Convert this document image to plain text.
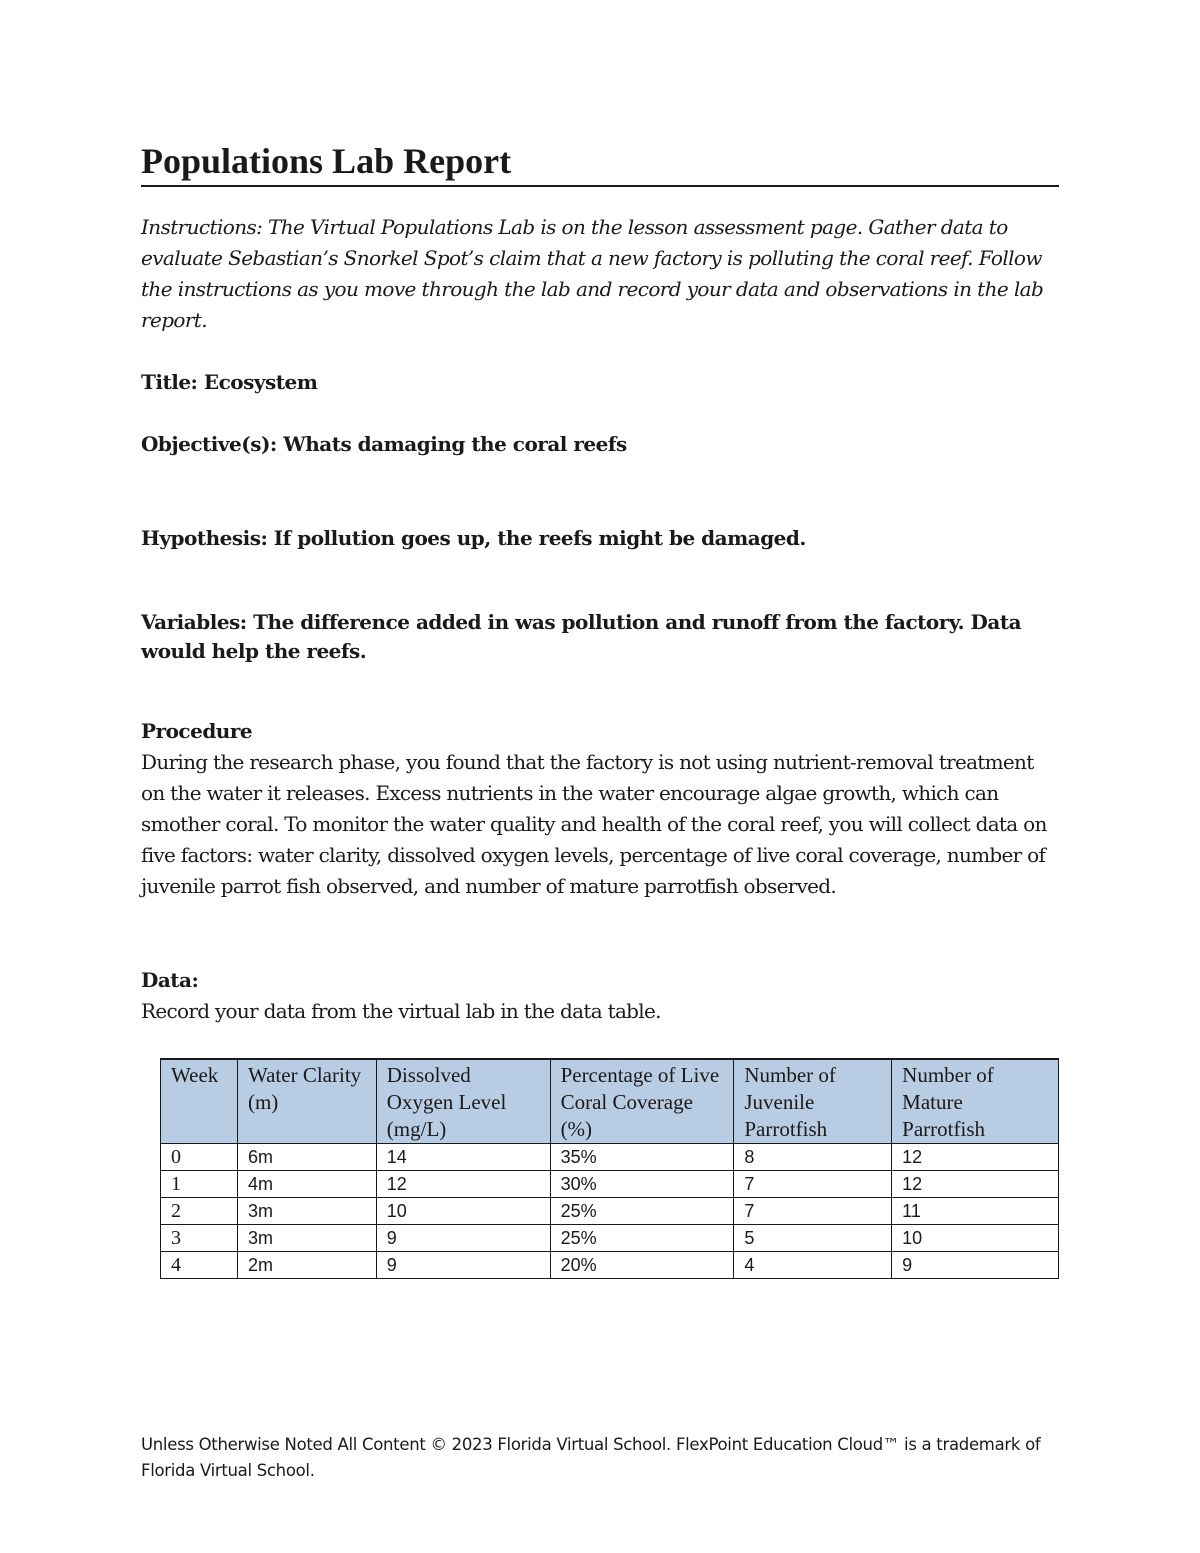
Populations Lab Report
Instructions: The Virtual Populations Lab is on the lesson assessment page. Gather data to evaluate Sebastian’s Snorkel Spot’s claim that a new factory is polluting the coral reef. Follow the instructions as you move through the lab and record your data and observations in the lab report.
Title: Ecosystem
Objective(s): Whats damaging the coral reefs
Hypothesis: If pollution goes up, the reefs might be damaged.
Variables: The difference added in was pollution and runoff from the factory. Data would help the reefs.
Procedure
During the research phase, you found that the factory is not using nutrient-removal treatment on the water it releases. Excess nutrients in the water encourage algae growth, which can smother coral. To monitor the water quality and health of the coral reef, you will collect data on five factors: water clarity, dissolved oxygen levels, percentage of live coral coverage, number of juvenile parrot fish observed, and number of mature parrotfish observed.
Data:
Record your data from the virtual lab in the data table.
Week	Water Clarity (m)	Dissolved Oxygen Level (mg/L)	Percentage of Live Coral Coverage (%)	Number of Juvenile Parrotfish	Number of Mature Parrotfish
0	6m	14	35%	8	12
1	4m	12	30%	7	12
2	3m	10	25%	7	11
3	3m	9	25%	5	10
4	2m	9	20%	4	9
Unless Otherwise Noted All Content © 2023 Florida Virtual School. FlexPoint Education Cloud™ is a trademark of Florida Virtual School.
